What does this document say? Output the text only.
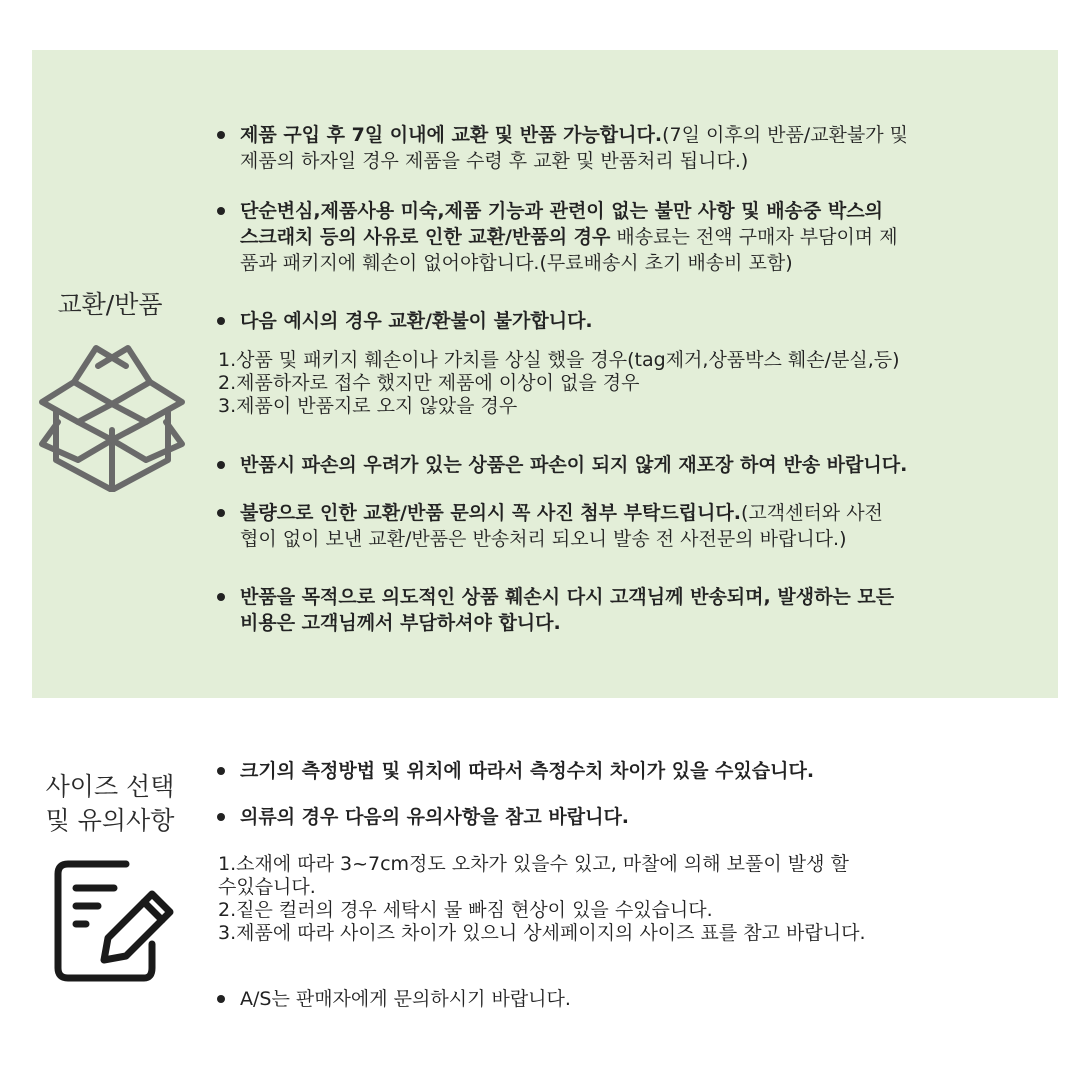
교환/반품
제품 구입 후 7일 이내에 교환 및 반품 가능합니다.(7일 이후의 반품/교환불가 및
제품의 하자일 경우 제품을 수령 후 교환 및 반품처리 됩니다.)
단순변심,제품사용 미숙,제품 기능과 관련이 없는 불만 사항 및 배송중 박스의
스크래치 등의 사유로 인한 교환/반품의 경우 배송료는 전액 구매자 부담이며 제
품과 패키지에 훼손이 없어야합니다.(무료배송시 초기 배송비 포함)
다음 예시의 경우 교환/환불이 불가합니다.
1.상품 및 패키지 훼손이나 가치를 상실 했을 경우(tag제거,상품박스 훼손/분실,등)
2.제품하자로 접수 했지만 제품에 이상이 없을 경우
3.제품이 반품지로 오지 않았을 경우
반품시 파손의 우려가 있는 상품은 파손이 되지 않게 재포장 하여 반송 바랍니다.
불량으로 인한 교환/반품 문의시 꼭 사진 첨부 부탁드립니다.(고객센터와 사전
협이 없이 보낸 교환/반품은 반송처리 되오니 발송 전 사전문의 바랍니다.)
반품을 목적으로 의도적인 상품 훼손시 다시 고객님께 반송되며, 발생하는 모든
비용은 고객님께서 부담하셔야 합니다.
사이즈 선택
및 유의사항
크기의 측정방법 및 위치에 따라서 측정수치 차이가 있을 수있습니다.
의류의 경우 다음의 유의사항을 참고 바랍니다.
1.소재에 따라 3~7cm정도 오차가 있을수 있고, 마찰에 의해 보풀이 발생 할
수있습니다.
2.짙은 컬러의 경우 세탁시 물 빠짐 현상이 있을 수있습니다.
3.제품에 따라 사이즈 차이가 있으니 상세페이지의 사이즈 표를 참고 바랍니다.
A/S는 판매자에게 문의하시기 바랍니다.
